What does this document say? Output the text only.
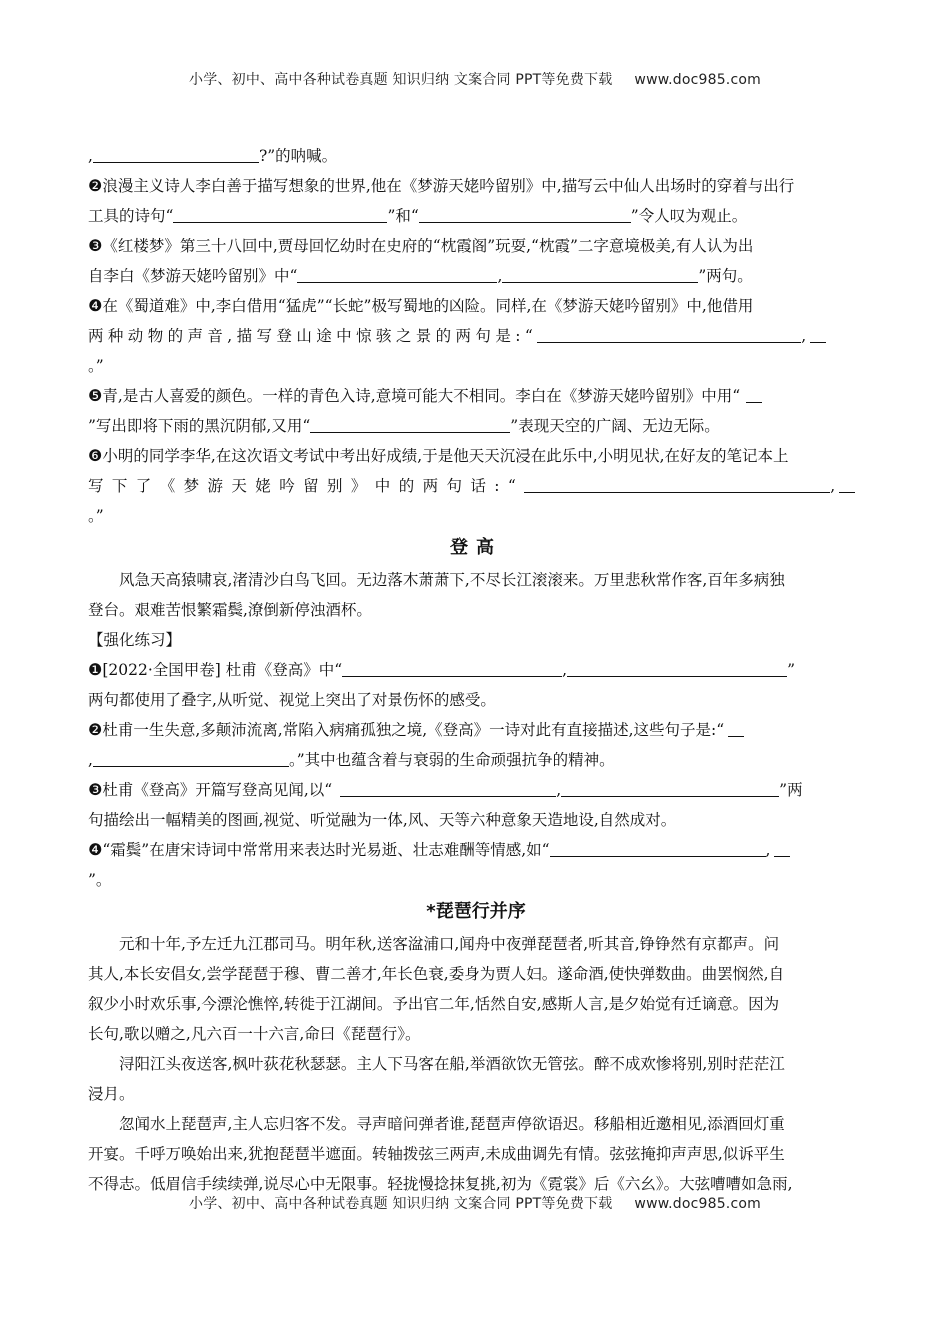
小学、初中、高中各种试卷真题 知识归纳 文案合同 PPT等免费下载 www.doc985.com
,	?”的呐喊。
❷浪漫主义诗人李白善于描写想象的世界,他在《梦游天姥吟留别》中,描写云中仙人出场时的穿着与出行
工具的诗句“	”和“	”令人叹为观止。
❸《红楼梦》第三十八回中,贾母回忆幼时在史府的“枕霞阁”玩耍,“枕霞”二字意境极美,有人认为出
自李白《梦游天姥吟留别》中“	,	”两句。
❹在《蜀道难》中,李白借用“猛虎”“长蛇”极写蜀地的凶险。同样,在《梦游天姥吟留别》中,他借用
两种动物的声音,描写登山途中惊骇之景的两句是:“	,
。”
❺青,是古人喜爱的颜色。一样的青色入诗,意境可能大不相同。李白在《梦游天姥吟留别》中用“
”写出即将下雨的黑沉阴郁,又用“	”表现天空的广阔、无边无际。
❻小明的同学李华,在这次语文考试中考出好成绩,于是他天天沉浸在此乐中,小明见状,在好友的笔记本上
写下了《梦游天姥吟留别》中的两句话:“	,
。”
登高
风急天高猿啸哀,渚清沙白鸟飞回。无边落木萧萧下,不尽长江滚滚来。万里悲秋常作客,百年多病独
登台。艰难苦恨繁霜鬓,潦倒新停浊酒杯。
【强化练习】
❶[2022·全国甲卷] 杜甫《登高》中“	,	”
两句都使用了叠字,从听觉、视觉上突出了对景伤怀的感受。
❷杜甫一生失意,多颠沛流离,常陷入病痛孤独之境,《登高》一诗对此有直接描述,这些句子是:“
,	。”其中也蕴含着与衰弱的生命顽强抗争的精神。
❸杜甫《登高》开篇写登高见闻,以“	,	”两
句描绘出一幅精美的图画,视觉、听觉融为一体,风、天等六种意象天造地设,自然成对。
❹“霜鬓”在唐宋诗词中常常用来表达时光易逝、壮志难酬等情感,如“	,
”。
*琵琶行并序
元和十年,予左迁九江郡司马。明年秋,送客湓浦口,闻舟中夜弹琵琶者,听其音,铮铮然有京都声。问
其人,本长安倡女,尝学琵琶于穆、曹二善才,年长色衰,委身为贾人妇。遂命酒,使快弹数曲。曲罢悯然,自
叙少小时欢乐事,今漂沦憔悴,转徙于江湖间。予出官二年,恬然自安,感斯人言,是夕始觉有迁谪意。因为
长句,歌以赠之,凡六百一十六言,命曰《琵琶行》。
浔阳江头夜送客,枫叶荻花秋瑟瑟。主人下马客在船,举酒欲饮无管弦。醉不成欢惨将别,别时茫茫江
浸月。
忽闻水上琵琶声,主人忘归客不发。寻声暗问弹者谁,琵琶声停欲语迟。移船相近邀相见,添酒回灯重
开宴。千呼万唤始出来,犹抱琵琶半遮面。转轴拨弦三两声,未成曲调先有情。弦弦掩抑声声思,似诉平生
不得志。低眉信手续续弹,说尽心中无限事。轻拢慢捻抹复挑,初为《霓裳》后《六幺》。大弦嘈嘈如急雨,
小学、初中、高中各种试卷真题 知识归纳 文案合同 PPT等免费下载 www.doc985.com
